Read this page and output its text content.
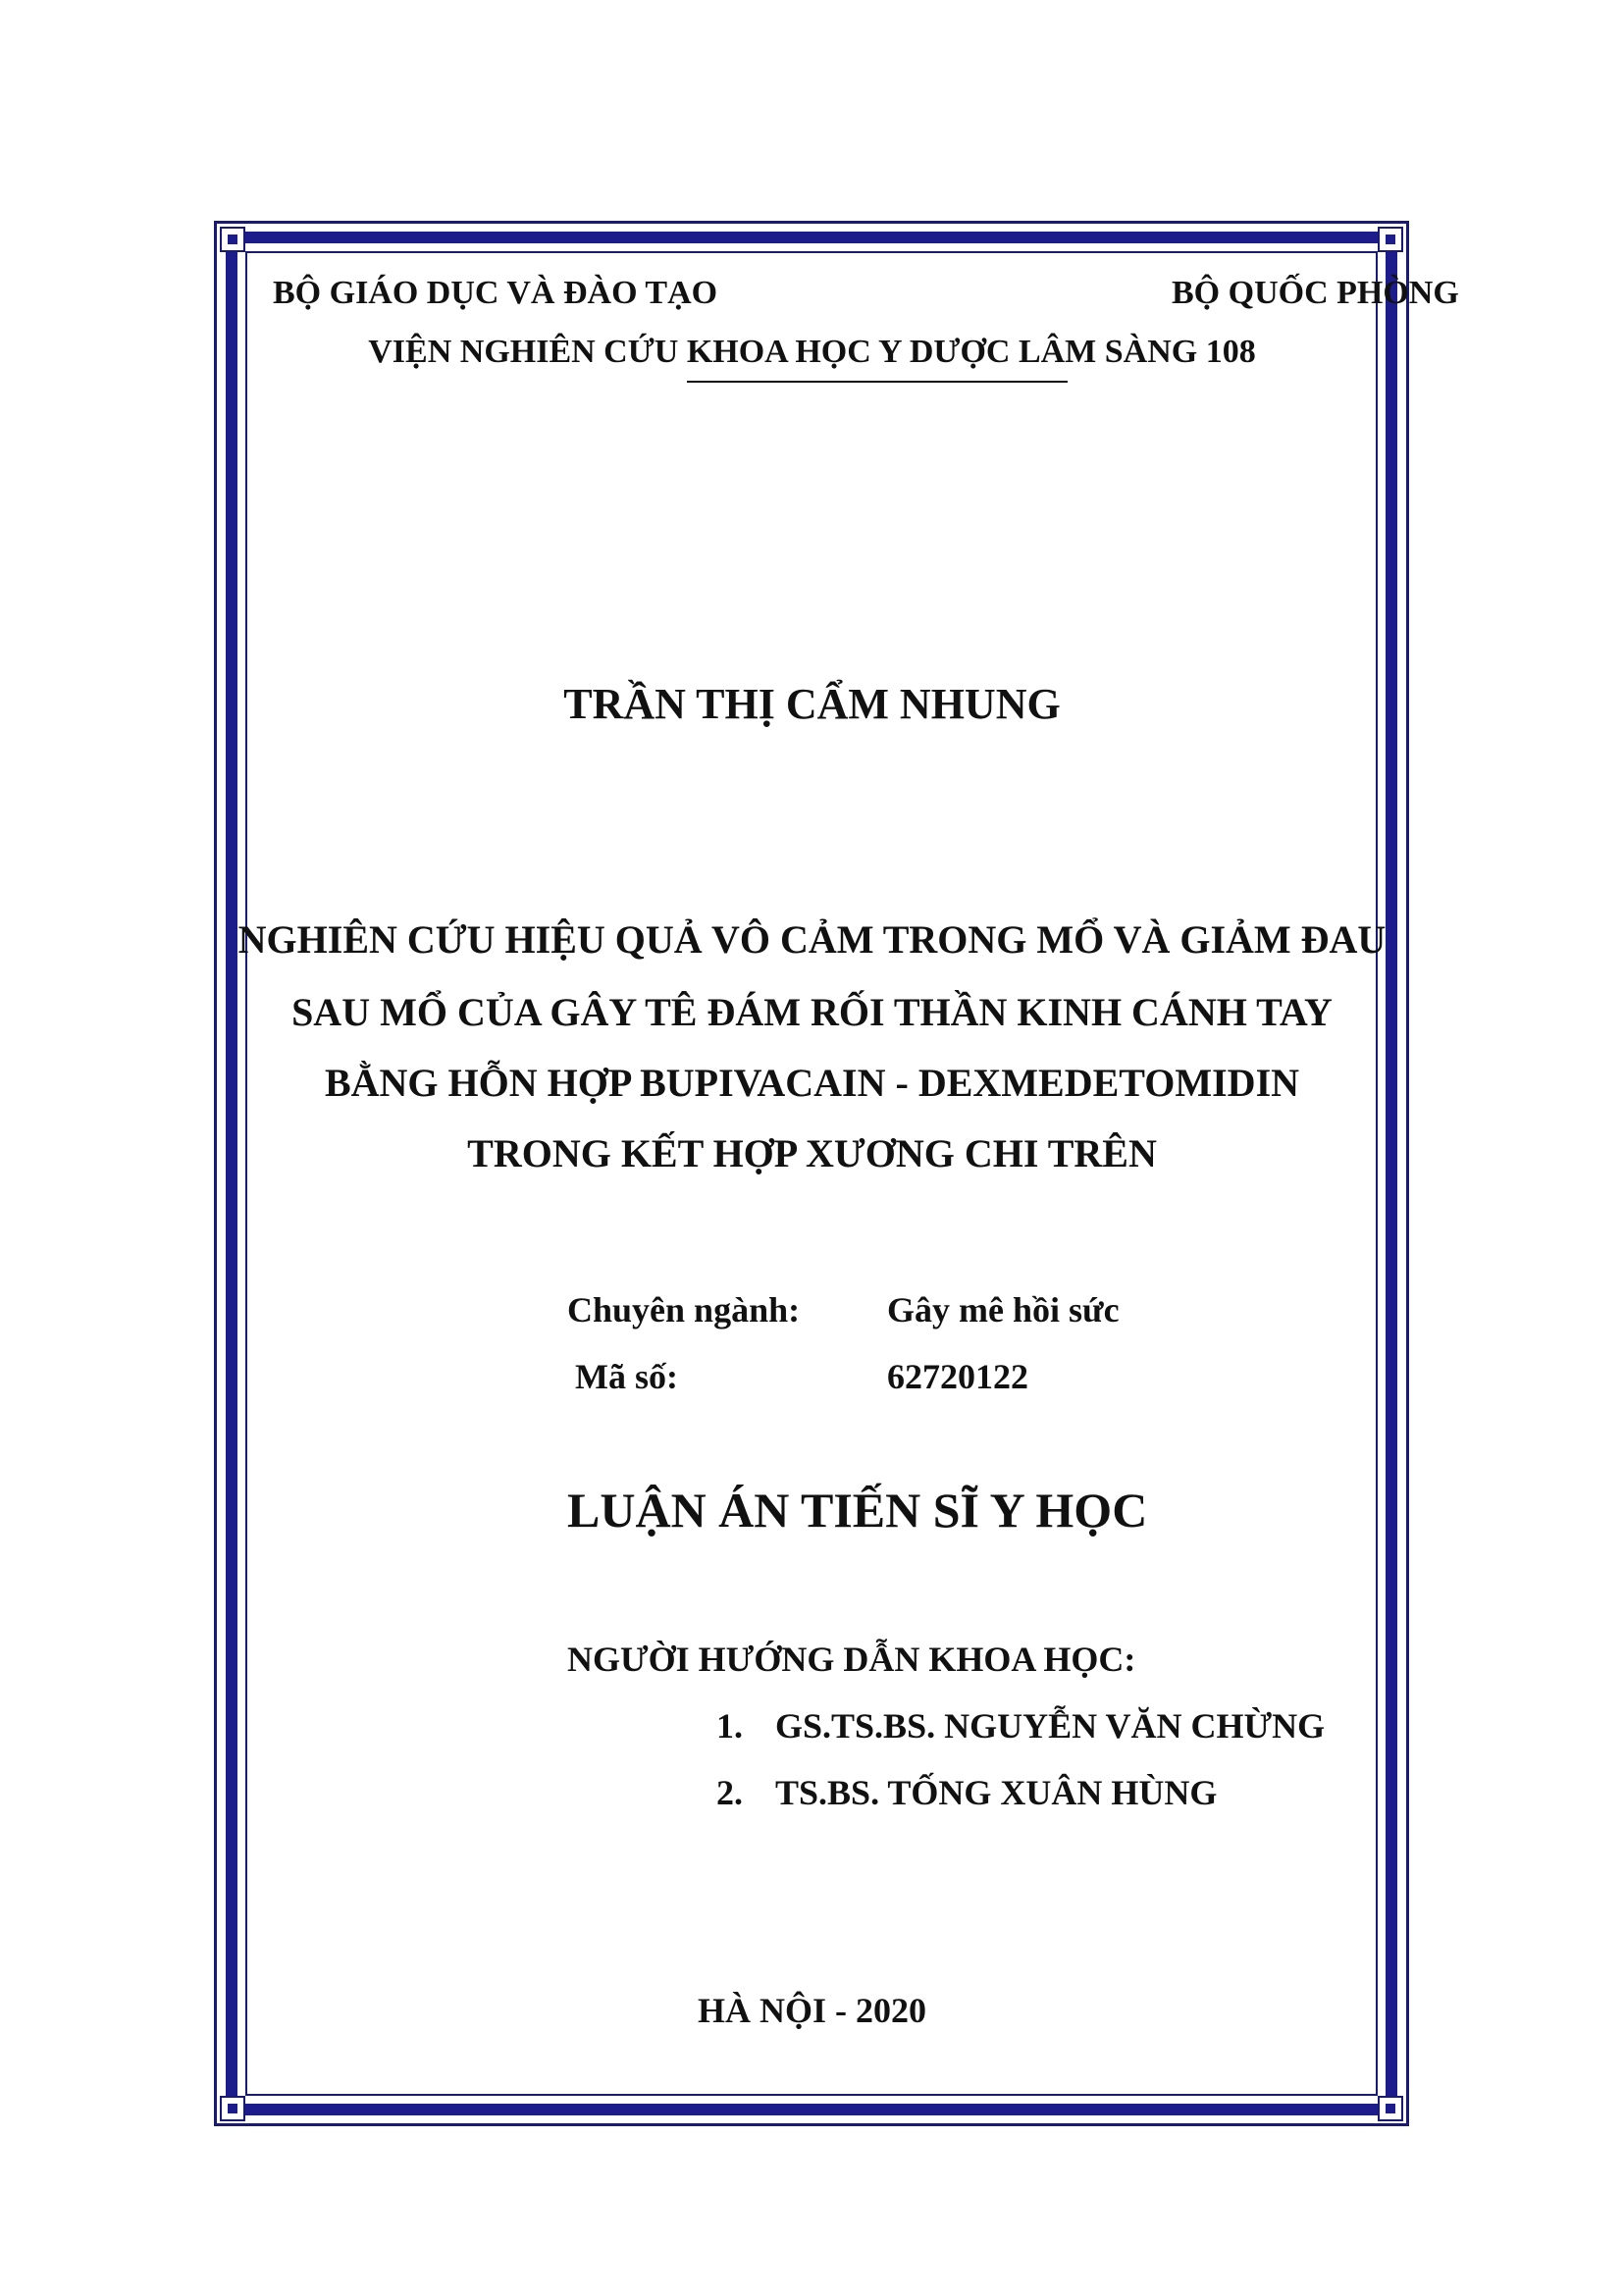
BỘ GIÁO DỤC VÀ ĐÀO TẠO	BỘ QUỐC PHÒNG
VIỆN NGHIÊN CỨU KHOA HỌC Y DƯỢC LÂM SÀNG 108
TRẦN THỊ CẨM NHUNG
NGHIÊN CỨU HIỆU QUẢ VÔ CẢM TRONG MỔ VÀ GIẢM ĐAU
SAU MỔ CỦA GÂY TÊ ĐÁM RỐI THẦN KINH CÁNH TAY
BẰNG HỖN HỢP BUPIVACAIN - DEXMEDETOMIDIN
TRONG KẾT HỢP XƯƠNG CHI TRÊN
Chuyên ngành: Gây mê hồi sức
Mã số:	62720122
LUẬN ÁN TIẾN SĨ Y HỌC
NGƯỜI HƯỚNG DẪN KHOA HỌC:
1. GS.TS.BS. NGUYỄN VĂN CHỪNG
2. TS.BS. TỐNG XUÂN HÙNG
HÀ NỘI - 2020
